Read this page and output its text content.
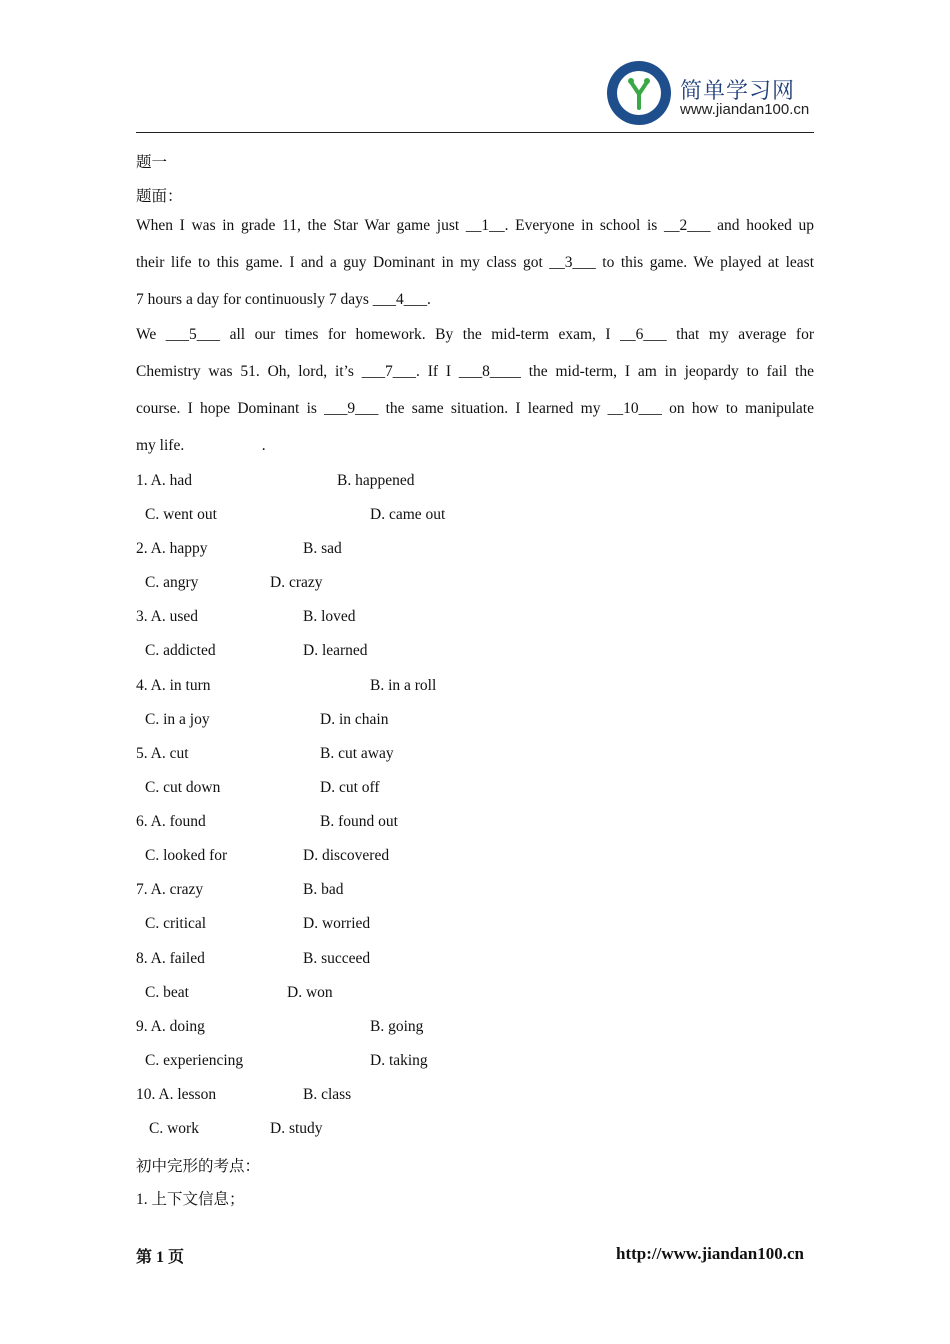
简单学习网
www.jiandan100.cn
题一
题面：
When I was in grade 11, the Star War game just __1__. Everyone in school is __2___ and hooked up
their life to this game. I and a guy Dominant in my class got __3___ to this game. We played at least
7 hours a day for continuously 7 days ___4___.
We ___5___ all our times for homework. By the mid-term exam, I __6___ that my average for
Chemistry was 51. Oh, lord, it’s ___7___. If I ___8____ the mid-term, I am in jeopardy to fail the
course. I hope Dominant is ___9___ the same situation. I learned my __10___ on how to manipulate
my life.                    .
1. A. had	B. happened
C. went out	D. came out
2. A. happy	B. sad
C. angry	D. crazy
3. A. used	B. loved
C. addicted	D. learned
4. A. in turn	B. in a roll
C. in a joy	D. in chain
5. A. cut	B. cut away
C. cut down	D. cut off
6. A. found	B. found out
C. looked for	D. discovered
7. A. crazy	B. bad
C. critical	D. worried
8. A. failed	B. succeed
C. beat	D. won
9. A. doing	B. going
C. experiencing	D. taking
10. A. lesson	B. class
C. work	D. study
初中完形的考点：
1. 上下文信息；
第 1 页	http://www.jiandan100.cn
